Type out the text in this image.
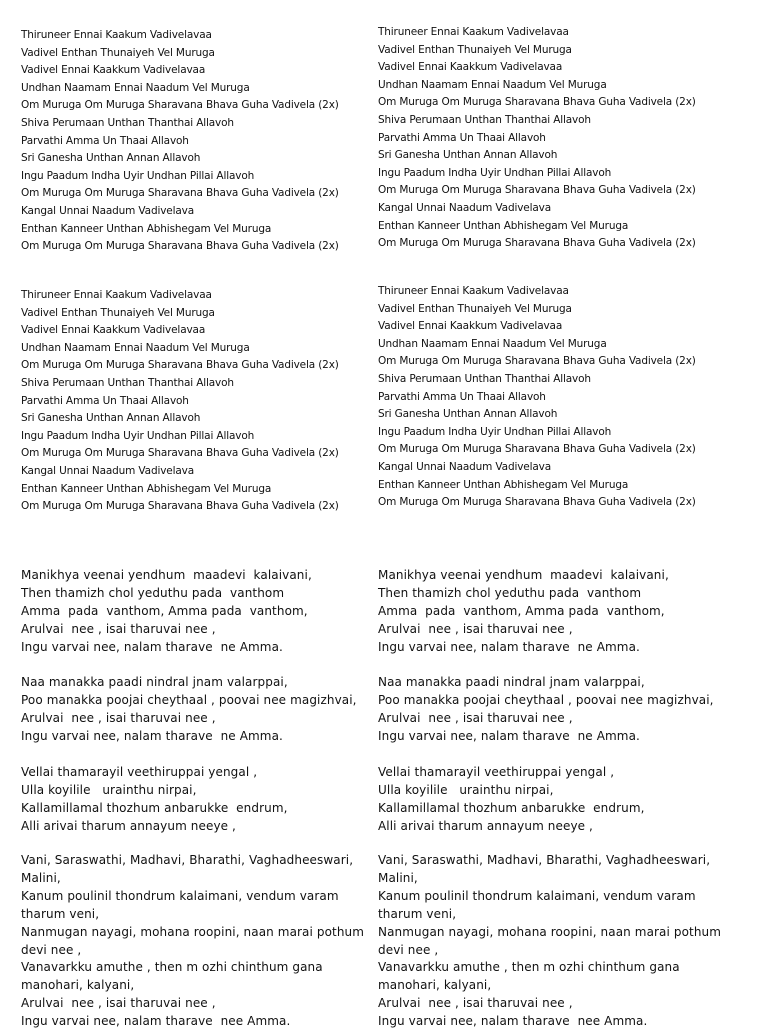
Thiruneer Ennai Kaakum Vadivelavaa
Vadivel Enthan Thunaiyeh Vel Muruga
Vadivel Ennai Kaakkum Vadivelavaa
Undhan Naamam Ennai Naadum Vel Muruga
Om Muruga Om Muruga Sharavana Bhava Guha Vadivela (2x)
Shiva Perumaan Unthan Thanthai Allavoh
Parvathi Amma Un Thaai Allavoh
Sri Ganesha Unthan Annan Allavoh
Ingu Paadum Indha Uyir Undhan Pillai Allavoh
Om Muruga Om Muruga Sharavana Bhava Guha Vadivela (2x)
Kangal Unnai Naadum Vadivelava
Enthan Kanneer Unthan Abhishegam Vel Muruga
Om Muruga Om Muruga Sharavana Bhava Guha Vadivela (2x)
Thiruneer Ennai Kaakum Vadivelavaa
Vadivel Enthan Thunaiyeh Vel Muruga
Vadivel Ennai Kaakkum Vadivelavaa
Undhan Naamam Ennai Naadum Vel Muruga
Om Muruga Om Muruga Sharavana Bhava Guha Vadivela (2x)
Shiva Perumaan Unthan Thanthai Allavoh
Parvathi Amma Un Thaai Allavoh
Sri Ganesha Unthan Annan Allavoh
Ingu Paadum Indha Uyir Undhan Pillai Allavoh
Om Muruga Om Muruga Sharavana Bhava Guha Vadivela (2x)
Kangal Unnai Naadum Vadivelava
Enthan Kanneer Unthan Abhishegam Vel Muruga
Om Muruga Om Muruga Sharavana Bhava Guha Vadivela (2x)

Manikhya veenai yendhum  maadevi  kalaivani,
Then thamizh chol yeduthu pada  vanthom
Amma  pada  vanthom, Amma pada  vanthom,
Arulvai  nee , isai tharuvai nee ,
Ingu varvai nee, nalam tharave  ne Amma.

Naa manakka paadi nindral jnam valarppai,
Poo manakka poojai cheythaal , poovai nee magizhvai,
Arulvai  nee , isai tharuvai nee ,
Ingu varvai nee, nalam tharave  ne Amma.

Vellai thamarayil veethiruppai yengal ,
Ulla koyilile   urainthu nirpai,
Kallamillamal thozhum anbarukke  endrum,
Alli arivai tharum annayum neeye ,

Vani, Saraswathi, Madhavi, Bharathi, Vaghadheeswari,
Malini,
Kanum poulinil thondrum kalaimani, vendum varam
tharum veni,
Nanmugan nayagi, mohana roopini, naan marai pothum
devi nee ,
Vanavarkku amuthe , then m ozhi chinthum gana
manohari, kalyani,
Arulvai  nee , isai tharuvai nee ,
Ingu varvai nee, nalam tharave  nee Amma.

Thiruneer Ennai Kaakum Vadivelavaa
Vadivel Enthan Thunaiyeh Vel Muruga
Vadivel Ennai Kaakkum Vadivelavaa
Undhan Naamam Ennai Naadum Vel Muruga
Om Muruga Om Muruga Sharavana Bhava Guha Vadivela (2x)
Shiva Perumaan Unthan Thanthai Allavoh
Parvathi Amma Un Thaai Allavoh
Sri Ganesha Unthan Annan Allavoh
Ingu Paadum Indha Uyir Undhan Pillai Allavoh
Om Muruga Om Muruga Sharavana Bhava Guha Vadivela (2x)
Kangal Unnai Naadum Vadivelava
Enthan Kanneer Unthan Abhishegam Vel Muruga
Om Muruga Om Muruga Sharavana Bhava Guha Vadivela (2x)
Thiruneer Ennai Kaakum Vadivelavaa
Vadivel Enthan Thunaiyeh Vel Muruga
Vadivel Ennai Kaakkum Vadivelavaa
Undhan Naamam Ennai Naadum Vel Muruga
Om Muruga Om Muruga Sharavana Bhava Guha Vadivela (2x)
Shiva Perumaan Unthan Thanthai Allavoh
Parvathi Amma Un Thaai Allavoh
Sri Ganesha Unthan Annan Allavoh
Ingu Paadum Indha Uyir Undhan Pillai Allavoh
Om Muruga Om Muruga Sharavana Bhava Guha Vadivela (2x)
Kangal Unnai Naadum Vadivelava
Enthan Kanneer Unthan Abhishegam Vel Muruga
Om Muruga Om Muruga Sharavana Bhava Guha Vadivela (2x)

Manikhya veenai yendhum  maadevi  kalaivani,
Then thamizh chol yeduthu pada  vanthom
Amma  pada  vanthom, Amma pada  vanthom,
Arulvai  nee , isai tharuvai nee ,
Ingu varvai nee, nalam tharave  ne Amma.

Naa manakka paadi nindral jnam valarppai,
Poo manakka poojai cheythaal , poovai nee magizhvai,
Arulvai  nee , isai tharuvai nee ,
Ingu varvai nee, nalam tharave  ne Amma.

Vellai thamarayil veethiruppai yengal ,
Ulla koyilile   urainthu nirpai,
Kallamillamal thozhum anbarukke  endrum,
Alli arivai tharum annayum neeye ,

Vani, Saraswathi, Madhavi, Bharathi, Vaghadheeswari,
Malini,
Kanum poulinil thondrum kalaimani, vendum varam
tharum veni,
Nanmugan nayagi, mohana roopini, naan marai pothum
devi nee ,
Vanavarkku amuthe , then m ozhi chinthum gana
manohari, kalyani,
Arulvai  nee , isai tharuvai nee ,
Ingu varvai nee, nalam tharave  nee Amma.
